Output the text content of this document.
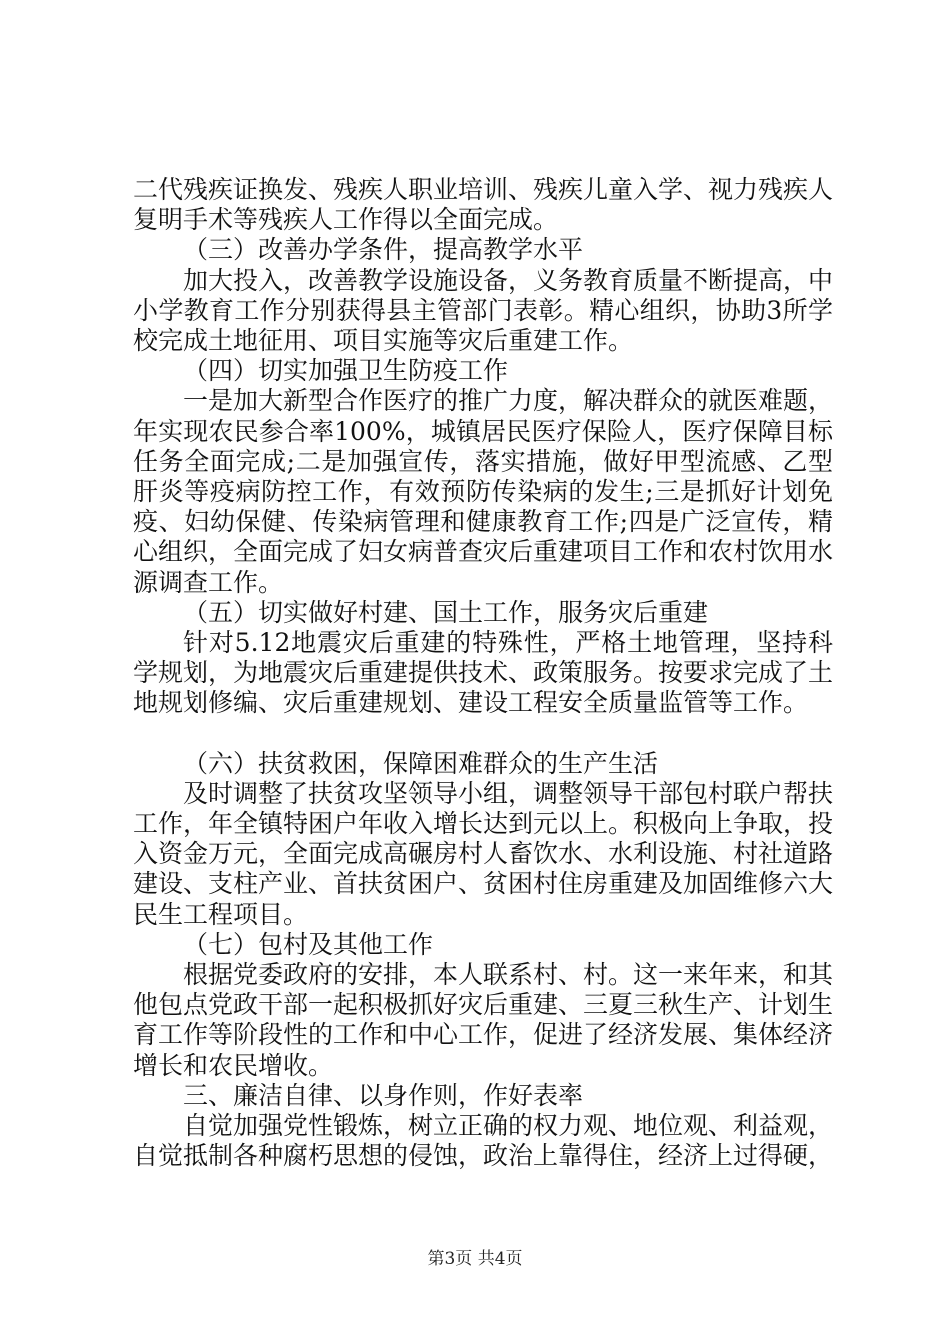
二代残疾证换发、残疾人职业培训、残疾儿童入学、视力残疾人复明手术等残疾人工作得以全面完成。

（三）改善办学条件，提高教学水平

加大投入，改善教学设施设备，义务教育质量不断提高，中小学教育工作分别获得县主管部门表彰。精心组织，协助3所学校完成土地征用、项目实施等灾后重建工作。

（四）切实加强卫生防疫工作

一是加大新型合作医疗的推广力度，解决群众的就医难题，年实现农民参合率100%，城镇居民医疗保险人，医疗保障目标任务全面完成;二是加强宣传，落实措施，做好甲型流感、乙型肝炎等疫病防控工作，有效预防传染病的发生;三是抓好计划免疫、妇幼保健、传染病管理和健康教育工作;四是广泛宣传，精心组织，全面完成了妇女病普查灾后重建项目工作和农村饮用水源调查工作。

（五）切实做好村建、国土工作，服务灾后重建

针对5.12地震灾后重建的特殊性，严格土地管理，坚持科学规划，为地震灾后重建提供技术、政策服务。按要求完成了土地规划修编、灾后重建规划、建设工程安全质量监管等工作。

（六）扶贫救困，保障困难群众的生产生活

及时调整了扶贫攻坚领导小组，调整领导干部包村联户帮扶工作，年全镇特困户年收入增长达到元以上。积极向上争取，投入资金万元，全面完成高碾房村人畜饮水、水利设施、村社道路建设、支柱产业、首扶贫困户、贫困村住房重建及加固维修六大民生工程项目。

（七）包村及其他工作

根据党委政府的安排，本人联系村、村。这一来年来，和其他包点党政干部一起积极抓好灾后重建、三夏三秋生产、计划生育工作等阶段性的工作和中心工作，促进了经济发展、集体经济增长和农民增收。

三、廉洁自律、以身作则，作好表率

自觉加强党性锻炼，树立正确的权力观、地位观、利益观，自觉抵制各种腐朽思想的侵蚀，政治上靠得住，经济上过得硬，

第3页 共4页
